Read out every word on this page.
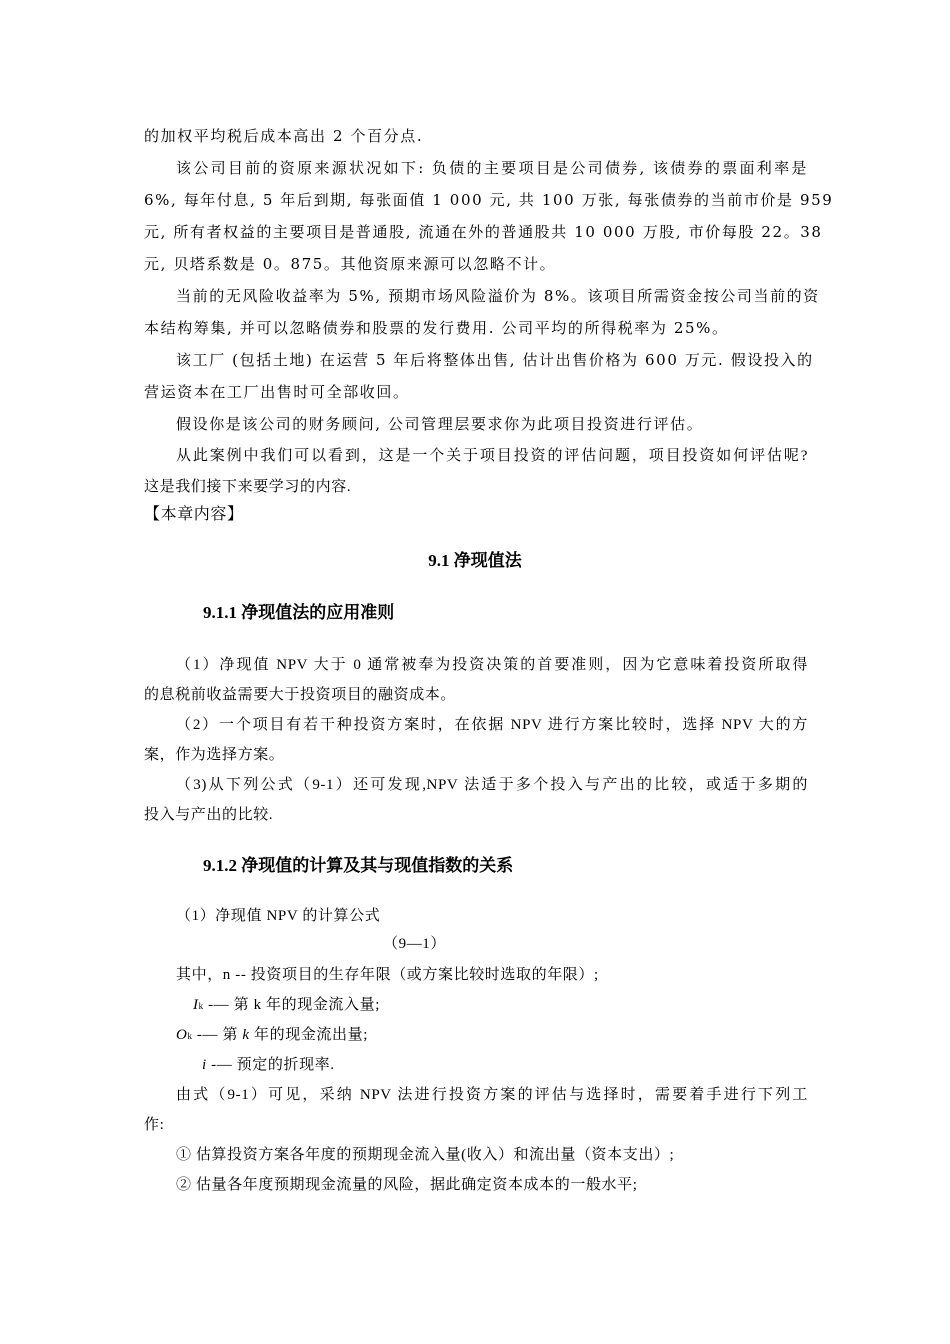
的加权平均税后成本高出 2 个百分点.
该公司目前的资原来源状况如下: 负债的主要项目是公司债券, 该债券的票面利率是
6%, 每年付息, 5 年后到期, 每张面值 1 000 元, 共 100 万张, 每张债券的当前市价是 959
元, 所有者权益的主要项目是普通股, 流通在外的普通股共 10 000 万股, 市价每股 22。38
元, 贝塔系数是 0。875。其他资原来源可以忽略不计。
当前的无风险收益率为 5%, 预期市场风险溢价为 8%。该项目所需资金按公司当前的资
本结构筹集, 并可以忽略债券和股票的发行费用. 公司平均的所得税率为 25%。
该工厂 (包括土地) 在运营 5 年后将整体出售, 估计出售价格为 600 万元. 假设投入的
营运资本在工厂出售时可全部收回。
假设你是该公司的财务顾问, 公司管理层要求你为此项目投资进行评估。
从此案例中我们可以看到，这是一个关于项目投资的评估问题，项目投资如何评估呢?
这是我们接下来要学习的内容.
【本章内容】
9.1 净现值法
9.1.1 净现值法的应用准则
（1）净现值 NPV 大于 0 通常被奉为投资决策的首要准则，因为它意味着投资所取得
的息税前收益需要大于投资项目的融资成本。
（2）一个项目有若干种投资方案时，在依据 NPV 进行方案比较时，选择 NPV 大的方
案，作为选择方案。
（3)从下列公式（9-1）还可发现,NPV 法适于多个投入与产出的比较，或适于多期的
投入与产出的比较.
9.1.2 净现值的计算及其与现值指数的关系
（1）净现值 NPV 的计算公式
（9—1）
其中，n -- 投资项目的生存年限（或方案比较时选取的年限）;
Ik -— 第 k 年的现金流入量;
Ok -— 第 k 年的现金流出量;
i -— 预定的折现率.
由式（9-1）可见，采纳 NPV 法进行投资方案的评估与选择时，需要着手进行下列工
作:
① 估算投资方案各年度的预期现金流入量(收入）和流出量（资本支出）;
② 估量各年度预期现金流量的风险，据此确定资本成本的一般水平;
